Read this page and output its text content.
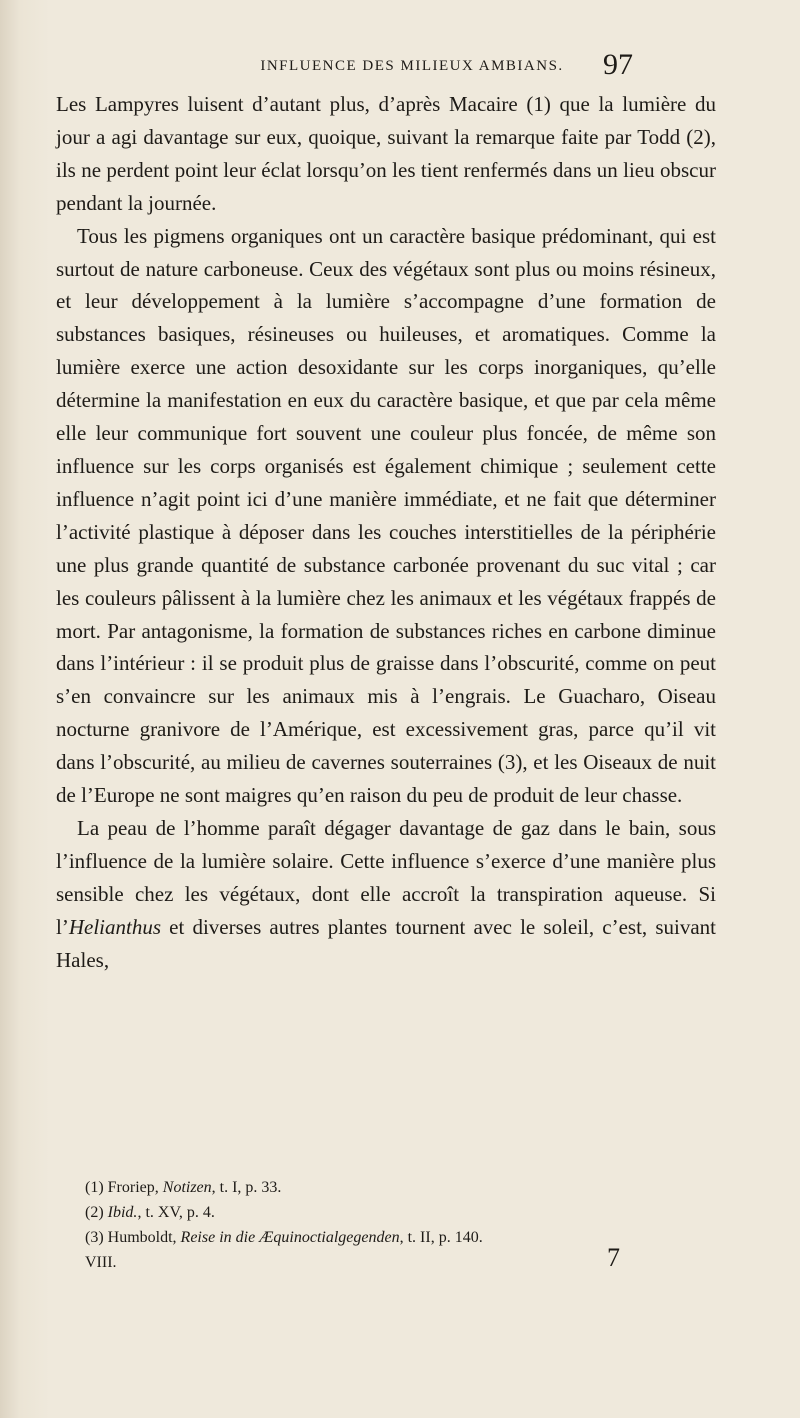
INFLUENCE DES MILIEUX AMBIANS.	97

Les Lampyres luisent d’autant plus, d’après Macaire (1) que la lumière du jour a agi davantage sur eux, quoique, suivant la remarque faite par Todd (2), ils ne perdent point leur éclat lorsqu’on les tient renfermés dans un lieu obscur pendant la journée.

Tous les pigmens organiques ont un caractère basique prédominant, qui est surtout de nature carboneuse. Ceux des végétaux sont plus ou moins résineux, et leur développement à la lumière s’accompagne d’une formation de substances basiques, résineuses ou huileuses, et aromatiques. Comme la lumière exerce une action desoxidante sur les corps inorganiques, qu’elle détermine la manifestation en eux du caractère basique, et que par cela même elle leur communique fort souvent une couleur plus foncée, de même son influence sur les corps organisés est également chimique ; seulement cette influence n’agit point ici d’une manière immédiate, et ne fait que déterminer l’activité plastique à déposer dans les couches interstitielles de la périphérie une plus grande quantité de substance carbonée provenant du suc vital ; car les couleurs pâlissent à la lumière chez les animaux et les végétaux frappés de mort. Par antagonisme, la formation de substances riches en carbone diminue dans l’intérieur : il se produit plus de graisse dans l’obscurité, comme on peut s’en convaincre sur les animaux mis à l’engrais. Le Guacharo, Oiseau nocturne granivore de l’Amérique, est excessivement gras, parce qu’il vit dans l’obscurité, au milieu de cavernes souterraines (3), et les Oiseaux de nuit de l’Europe ne sont maigres qu’en raison du peu de produit de leur chasse.

La peau de l’homme paraît dégager davantage de gaz dans le bain, sous l’influence de la lumière solaire. Cette influence s’exerce d’une manière plus sensible chez les végétaux, dont elle accroît la transpiration aqueuse. Si l’Helianthus et diverses autres plantes tournent avec le soleil, c’est, suivant Hales,

(1) Froriep, Notizen, t. I, p. 33.
(2) Ibid., t. XV, p. 4.
(3) Humboldt, Reise in die Æquinoctialgegenden, t. II, p. 140.
VIII.	7
